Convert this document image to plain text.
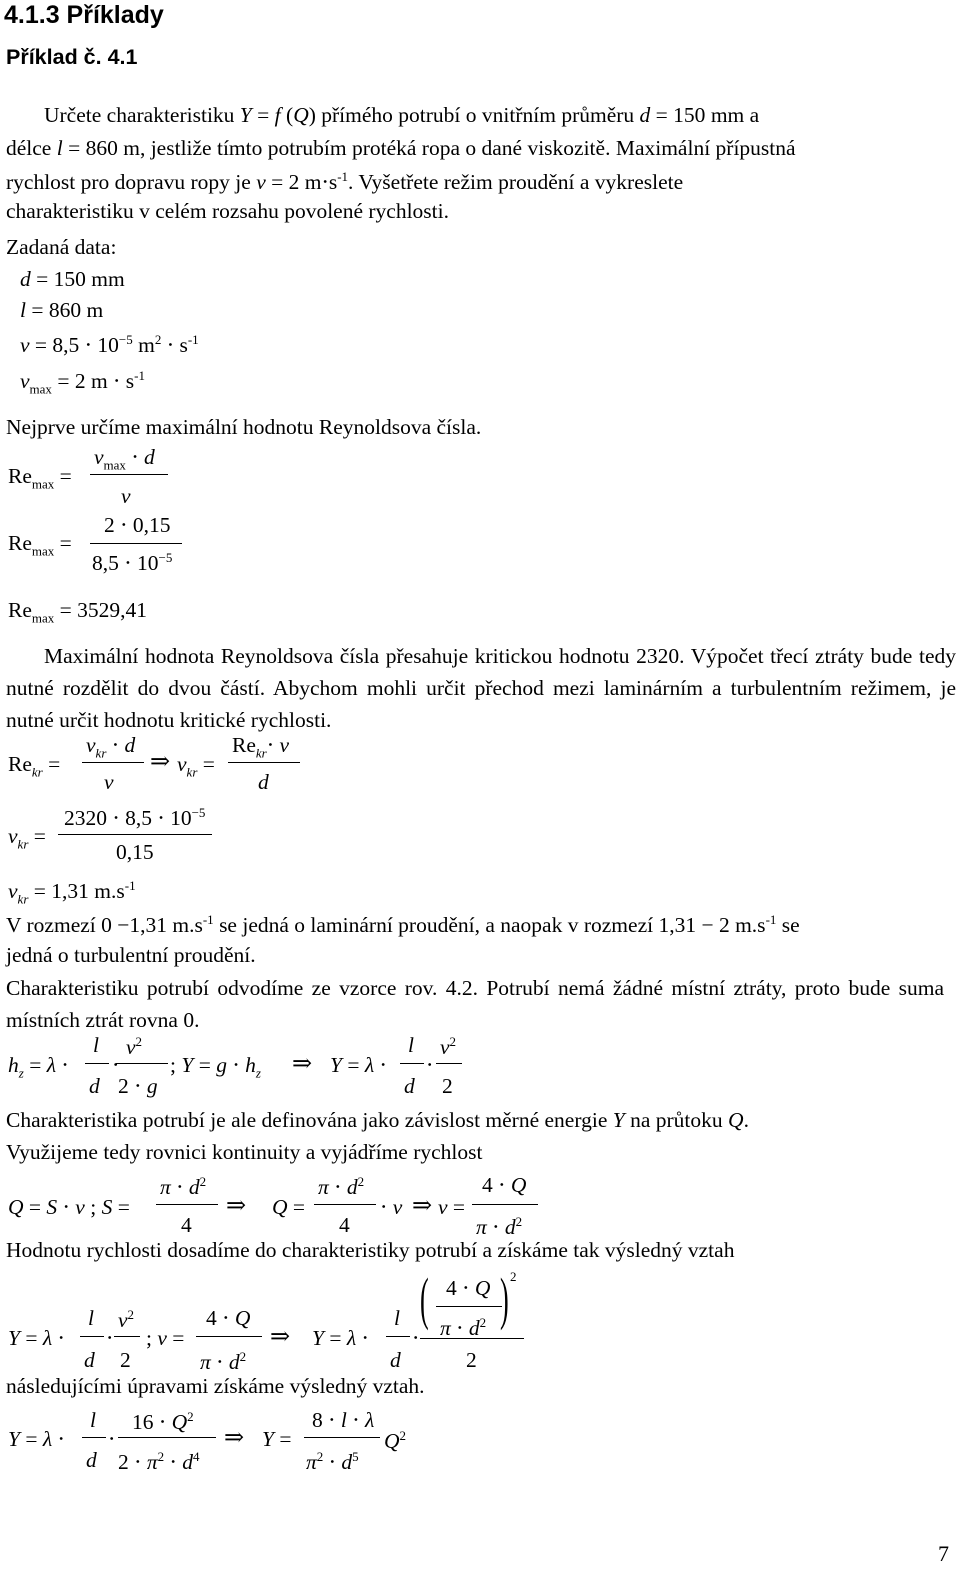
4.1.3 Příklady
Příklad č. 4.1
Určete charakteristiku Y = f (Q) přímého potrubí o vnitřním průměru d = 150 mm a
délce l = 860 m, jestliže tímto potrubím protéká ropa o dané viskozitě. Maximální přípustná
rychlost pro dopravu ropy je v = 2 $m\cdot s^{-1}$. Vyšetřete režim proudění a vykreslete
charakteristiku v celém rozsahu povolené rychlosti.
Zadaná data:
d = 150 mm
l = 860 m
$\nu = 8,5 \cdot 10^{-5}$ $m^2 \cdot s^{-1}$
$v_{max} = 2$ $m \cdot s^{-1}$
Nejprve určíme maximální hodnotu Reynoldsova čísla.
$Re_{max}$ =
$v_{max} \cdot d$
ν
$Re_{max}$ =
2 ⋅ 0,15
$8,5 \cdot 10^{-5}$
$Re_{max} = 3529,41$
Maximální hodnota Reynoldsova čísla přesahuje kritickou hodnotu 2320. Výpočet třecí ztráty bude tedy nutné rozdělit do dvou částí. Abychom mohli určit přechod mezi laminárním a turbulentním režimem, je nutné určit hodnotu kritické rychlosti.
$Re_{kr}$ =
$v_{kr} \cdot d$
ν
⇒ $v_{kr}$ =
$Re_{kr}\cdot \nu$
d
$v_{kr}$ =
$2320 \cdot 8,5 \cdot 10^{-5}$
0,15
$v_{kr} = 1,31$ $m.s^{-1}$
V rozmezí 0 −1,31 $m.s^{-1}$ se jedná o laminární proudění, a naopak v rozmezí 1,31 − 2 $m.s^{-1}$ se
jedná o turbulentní proudění.
Charakteristiku potrubí odvodíme ze vzorce rov. 4.2. Potrubí nemá žádné místní ztráty, proto bude suma místních ztrát rovna 0.
$h_z = \lambda$ ⋅
l
d
⋅
$v^2$
2 ⋅ g
; $Y = g \cdot h_z$ ⇒ Y = λ ⋅
l
d
⋅
$v^2$
2
Charakteristika potrubí je ale definována jako závislost měrné energie Y na průtoku Q.
Využijeme tedy rovnici kontinuity a vyjádříme rychlost
Q = S ⋅ v ; S =
$\pi \cdot d^2$
4
⇒ Q =
$\pi \cdot d^2$
4
⋅ v ⇒ v =
4 ⋅ Q
$\pi \cdot d^2$
Hodnotu rychlosti dosadíme do charakteristiky potrubí a získáme tak výsledný vztah
Y = λ ⋅
l
d
⋅
$v^2$
2
; v =
4 ⋅ Q
$\pi \cdot d^2$
⇒ Y = λ ⋅
l
d
⋅
( 4 ⋅ Q
$\pi \cdot d^2$ ) 2
2
následujícími úpravami získáme výsledný vztah.
Y = λ ⋅
l
d
⋅
$16 \cdot Q^2$
$2 \cdot \pi^2 \cdot d^4$
⇒ Y =
8 ⋅ l ⋅ λ
$\pi^2 \cdot d^5$
$Q^2$
7
